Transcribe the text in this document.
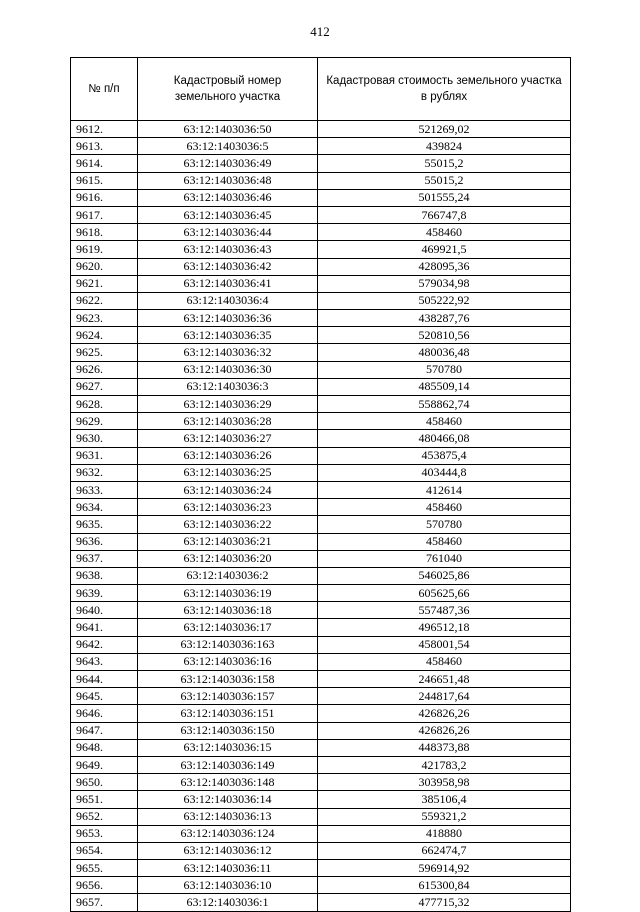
412
№ п/п	Кадастровый номер земельного участка	Кадастровая стоимость земельного участка в рублях
9612.	63:12:1403036:50	521269,02
9613.	63:12:1403036:5	439824
9614.	63:12:1403036:49	55015,2
9615.	63:12:1403036:48	55015,2
9616.	63:12:1403036:46	501555,24
9617.	63:12:1403036:45	766747,8
9618.	63:12:1403036:44	458460
9619.	63:12:1403036:43	469921,5
9620.	63:12:1403036:42	428095,36
9621.	63:12:1403036:41	579034,98
9622.	63:12:1403036:4	505222,92
9623.	63:12:1403036:36	438287,76
9624.	63:12:1403036:35	520810,56
9625.	63:12:1403036:32	480036,48
9626.	63:12:1403036:30	570780
9627.	63:12:1403036:3	485509,14
9628.	63:12:1403036:29	558862,74
9629.	63:12:1403036:28	458460
9630.	63:12:1403036:27	480466,08
9631.	63:12:1403036:26	453875,4
9632.	63:12:1403036:25	403444,8
9633.	63:12:1403036:24	412614
9634.	63:12:1403036:23	458460
9635.	63:12:1403036:22	570780
9636.	63:12:1403036:21	458460
9637.	63:12:1403036:20	761040
9638.	63:12:1403036:2	546025,86
9639.	63:12:1403036:19	605625,66
9640.	63:12:1403036:18	557487,36
9641.	63:12:1403036:17	496512,18
9642.	63:12:1403036:163	458001,54
9643.	63:12:1403036:16	458460
9644.	63:12:1403036:158	246651,48
9645.	63:12:1403036:157	244817,64
9646.	63:12:1403036:151	426826,26
9647.	63:12:1403036:150	426826,26
9648.	63:12:1403036:15	448373,88
9649.	63:12:1403036:149	421783,2
9650.	63:12:1403036:148	303958,98
9651.	63:12:1403036:14	385106,4
9652.	63:12:1403036:13	559321,2
9653.	63:12:1403036:124	418880
9654.	63:12:1403036:12	662474,7
9655.	63:12:1403036:11	596914,92
9656.	63:12:1403036:10	615300,84
9657.	63:12:1403036:1	477715,32
